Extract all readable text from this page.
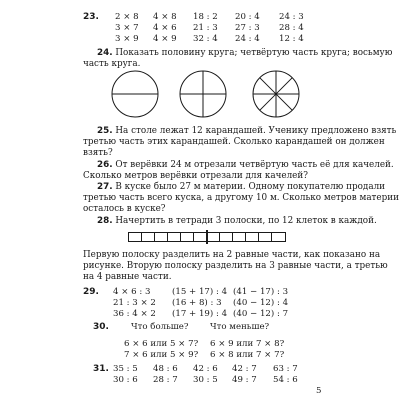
23. 2 × 8
3 × 7
3 × 9
4 × 8
4 × 6
4 × 9
18 : 2
21 : 3
32 : 4
20 : 4
27 : 3
24 : 4
24 : 3
28 : 4
12 : 4
24. Показать половину круга; четвёртую часть круга; восьмую
часть круга.
25. На столе лежат 12 карандашей. Ученику предложено взять
третью часть этих карандашей. Сколько карандашей он должен
взять?
26. От верёвки 24 м отрезали четвёртую часть её для качелей.
Сколько метров верёвки отрезали для качелей?
27. В куске было 27 м материи. Одному покупателю продали
третью часть всего куска, а другому 10 м. Сколько метров материи
осталось в куске?
28. Начертить в тетради 3 полоски, по 12 клеток в каждой.
Первую полоску разделить на 2 равные части, как показано на
рисунке. Вторую полоску разделить на 3 равные части, а третью
на 4 равные части.
29. 4 × 6 : 3
21 : 3 × 2
36 : 4 × 2
(15 + 17) : 4
(16 + 8) : 3
(17 + 19) : 4
(41 − 17) : 3
(40 − 12) : 4
(40 − 12) : 7
30.	Что больше?	Что меньше?
6 × 6 или 5 × 7?
7 × 6 или 5 × 9?
6 × 9 или 7 × 8?
6 × 8 или 7 × 7?
31. 35 : 5
30 : 6
48 : 6
28 : 7
42 : 6
30 : 5
42 : 7
49 : 7
63 : 7
54 : 6
5
